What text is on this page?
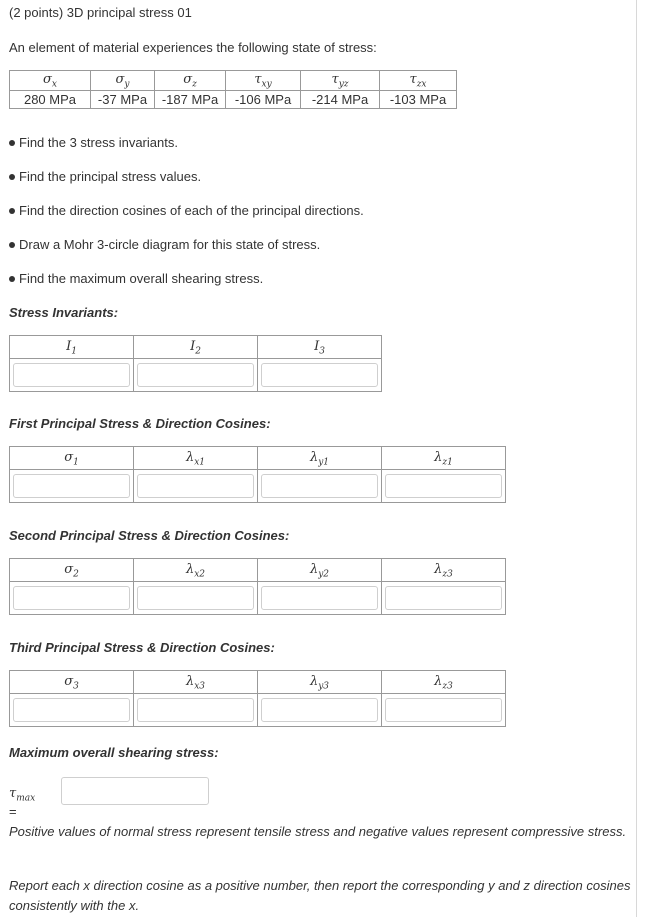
(2 points) 3D principal stress 01
An element of material experiences the following state of stress:
$\sigma_x$	$\sigma_y$	$\sigma_z$	$\tau_{xy}$	$\tau_{yz}$	$\tau_{zx}$
280 MPa	-37 MPa	-187 MPa	-106 MPa	-214 MPa	-103 MPa
Find the 3 stress invariants.
Find the principal stress values.
Find the direction cosines of each of the principal directions.
Draw a Mohr 3-circle diagram for this state of stress.
Find the maximum overall shearing stress.
Stress Invariants:
$I_1$	$I_2$	$I_3$

First Principal Stress & Direction Cosines:
$\sigma_1$	$\lambda_{x1}$	$\lambda_{y1}$	$\lambda_{z1}$

Second Principal Stress & Direction Cosines:
$\sigma_2$	$\lambda_{x2}$	$\lambda_{y2}$	$\lambda_{z3}$

Third Principal Stress & Direction Cosines:
$\sigma_3$	$\lambda_{x3}$	$\lambda_{y3}$	$\lambda_{z3}$

Maximum overall shearing stress:
$\tau_{max}$ =
Positive values of normal stress represent tensile stress and negative values represent compressive stress.
Report each x direction cosine as a positive number, then report the corresponding y and z direction cosines consistently with the x.
